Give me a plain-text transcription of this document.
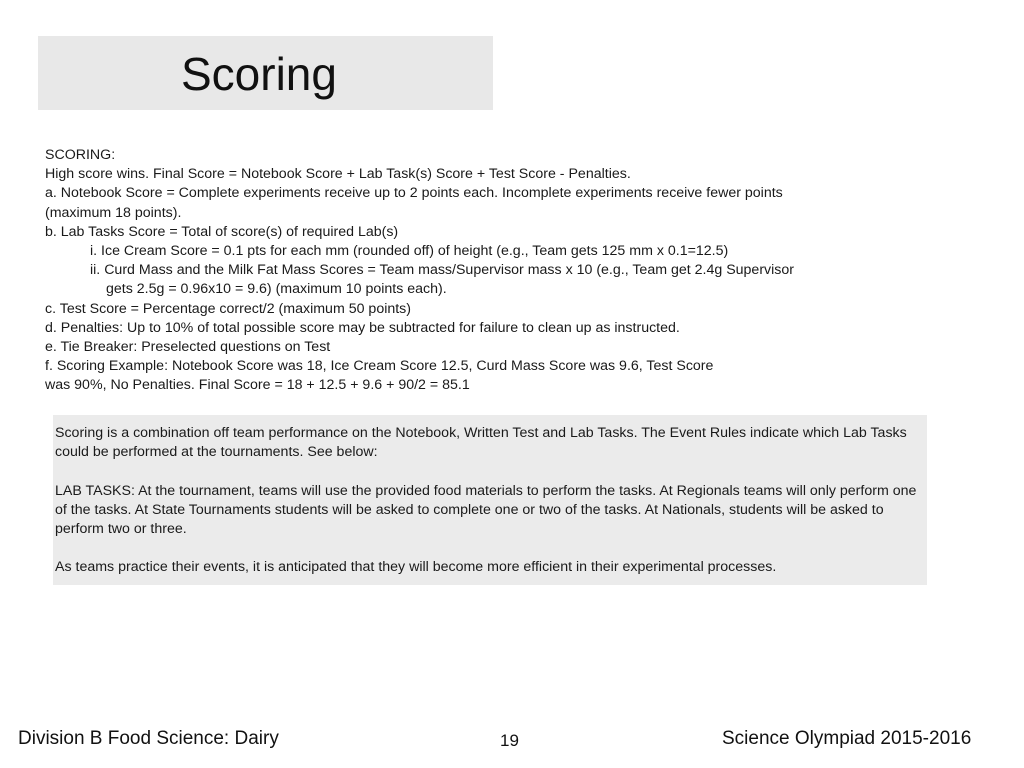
Scoring
SCORING:
High score wins. Final Score = Notebook Score + Lab Task(s) Score + Test Score - Penalties.
a. Notebook Score = Complete experiments receive up to 2 points each. Incomplete experiments receive fewer points
(maximum 18 points).
b. Lab Tasks Score = Total of score(s) of required Lab(s)
i. Ice Cream Score = 0.1 pts for each mm (rounded off) of height (e.g., Team gets 125 mm x 0.1=12.5)
ii. Curd Mass and the Milk Fat Mass Scores = Team mass/Supervisor mass x 10 (e.g., Team get 2.4g Supervisor
gets 2.5g = 0.96x10 = 9.6) (maximum 10 points each).
c. Test Score = Percentage correct/2 (maximum 50 points)
d. Penalties: Up to 10% of total possible score may be subtracted for failure to clean up as instructed.
e. Tie Breaker: Preselected questions on Test
f. Scoring Example: Notebook Score was 18, Ice Cream Score 12.5, Curd Mass Score was 9.6, Test Score
was 90%, No Penalties. Final Score = 18 + 12.5 + 9.6 + 90/2 = 85.1
Scoring is a combination off team performance on the Notebook, Written Test and Lab Tasks. The Event Rules indicate which Lab Tasks could be performed at the tournaments. See below:
LAB TASKS: At the tournament, teams will use the provided food materials to perform the tasks. At Regionals teams will only perform one of the tasks. At State Tournaments students will be asked to complete one or two of the tasks. At Nationals, students will be asked to perform two or three.
As teams practice their events, it is anticipated that they will become more efficient in their experimental processes.
Division B Food Science: Dairy	19	Science Olympiad 2015-2016
